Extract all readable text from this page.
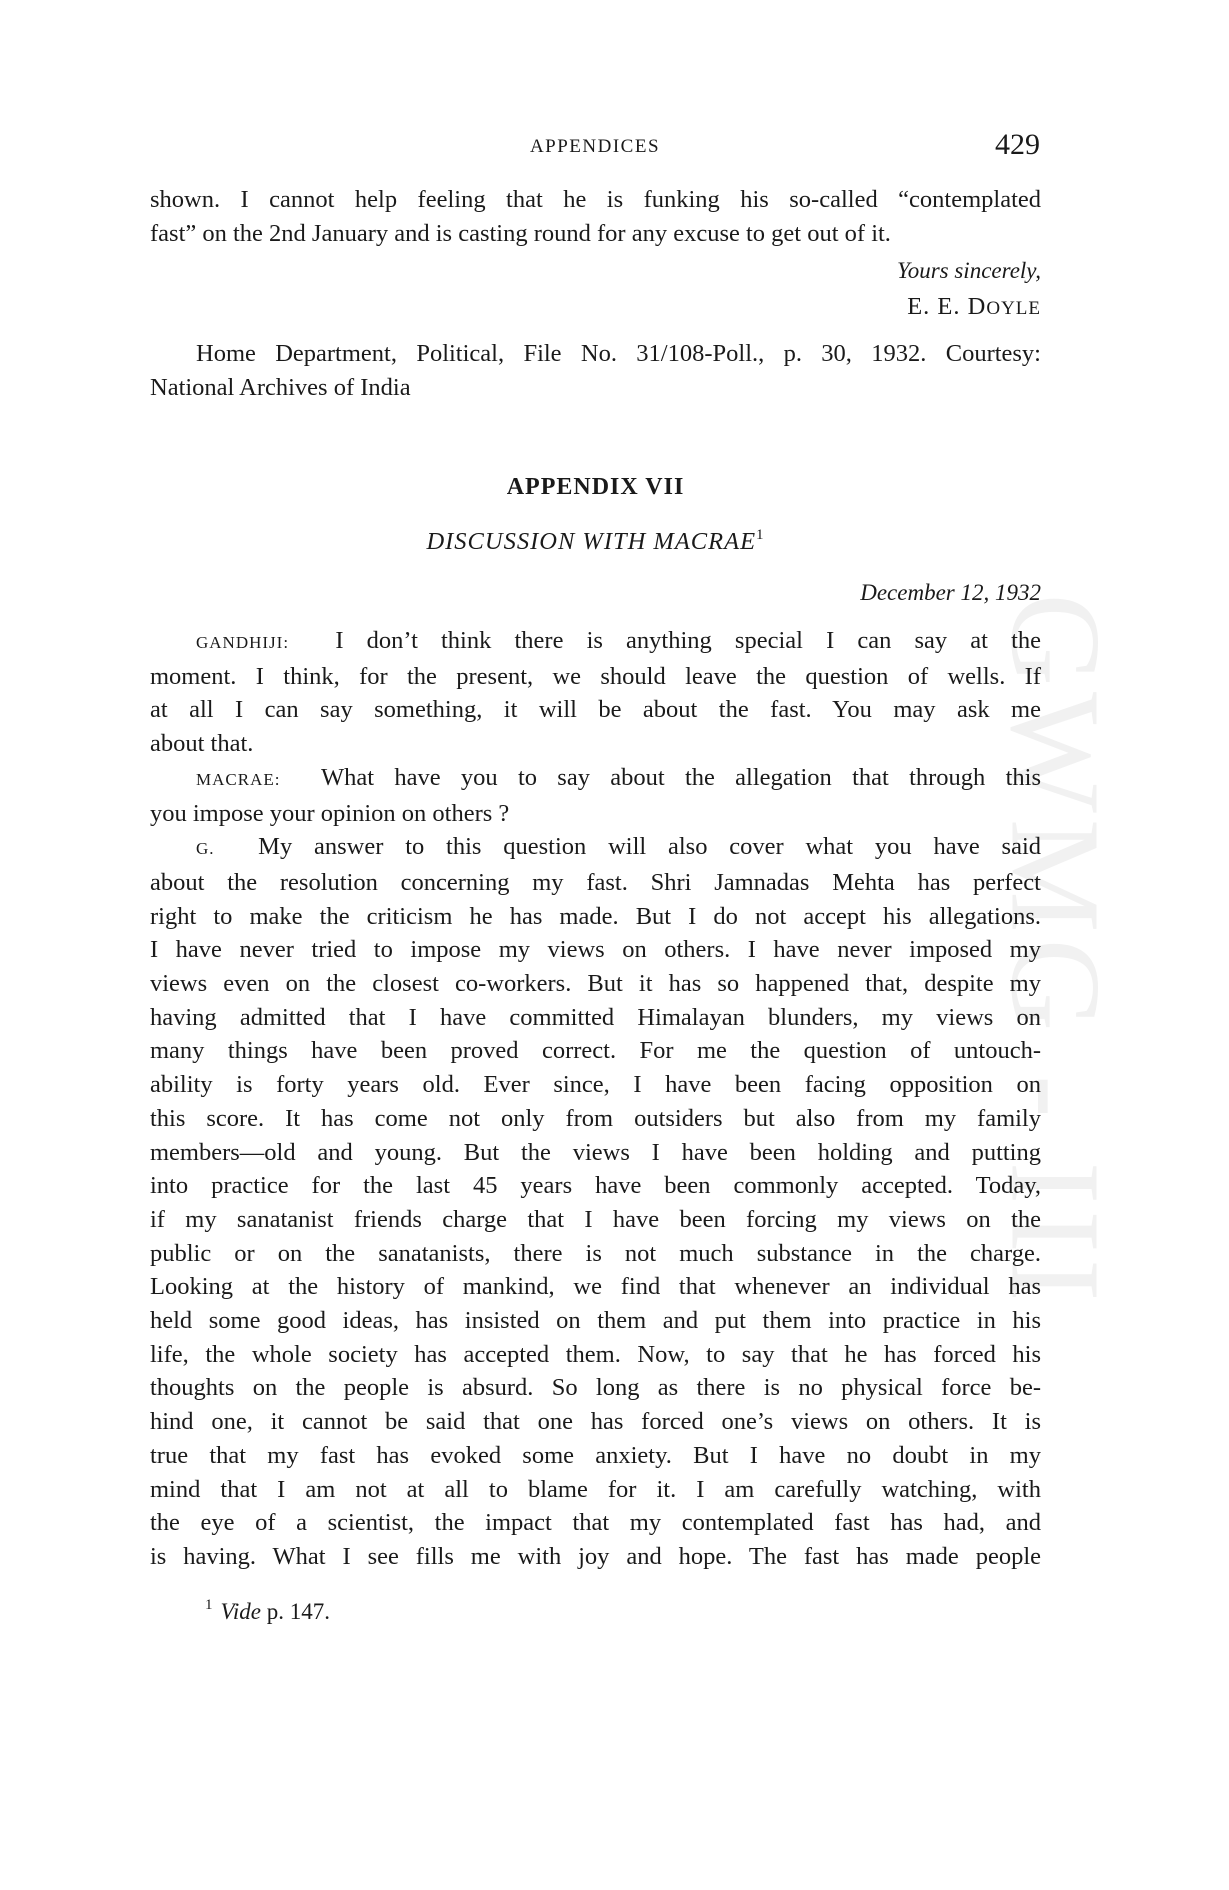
GWMG - III
APPENDICES	429

shown. I cannot help feeling that he is funking his so-called “contemplated

fast” on the 2nd January and is casting round for any excuse to get out of it.

Yours sincerely,

E. E. DOYLE

Home Department, Political, File No. 31/108-Poll., p. 30, 1932. Courtesy:

National Archives of India

APPENDIX VII
DISCUSSION WITH MACRAE$^1$
December 12, 1932

GANDHIJI: I don’t think there is anything special I can say at the

moment. I think, for the present, we should leave the question of wells. If

at all I can say something, it will be about the fast. You may ask me

about that.

MACRAE: What have you to say about the allegation that through this

you impose your opinion on others ?

G. My answer to this question will also cover what you have said

about the resolution concerning my fast. Shri Jamnadas Mehta has perfect

right to make the criticism he has made. But I do not accept his allegations.

I have never tried to impose my views on others. I have never imposed my

views even on the closest co-workers. But it has so happened that, despite my

having admitted that I have committed Himalayan blunders, my views on

many things have been proved correct. For me the question of untouch-

ability is forty years old. Ever since, I have been facing opposition on

this score. It has come not only from outsiders but also from my family

members—old and young. But the views I have been holding and putting

into practice for the last 45 years have been commonly accepted. Today,

if my sanatanist friends charge that I have been forcing my views on the

public or on the sanatanists, there is not much substance in the charge.

Looking at the history of mankind, we find that whenever an individual has

held some good ideas, has insisted on them and put them into practice in his

life, the whole society has accepted them. Now, to say that he has forced his

thoughts on the people is absurd. So long as there is no physical force be-

hind one, it cannot be said that one has forced one’s views on others. It is

true that my fast has evoked some anxiety. But I have no doubt in my

mind that I am not at all to blame for it. I am carefully watching, with

the eye of a scientist, the impact that my contemplated fast has had, and

is having. What I see fills me with joy and hope. The fast has made people

$^1$ Vide p. 147.
